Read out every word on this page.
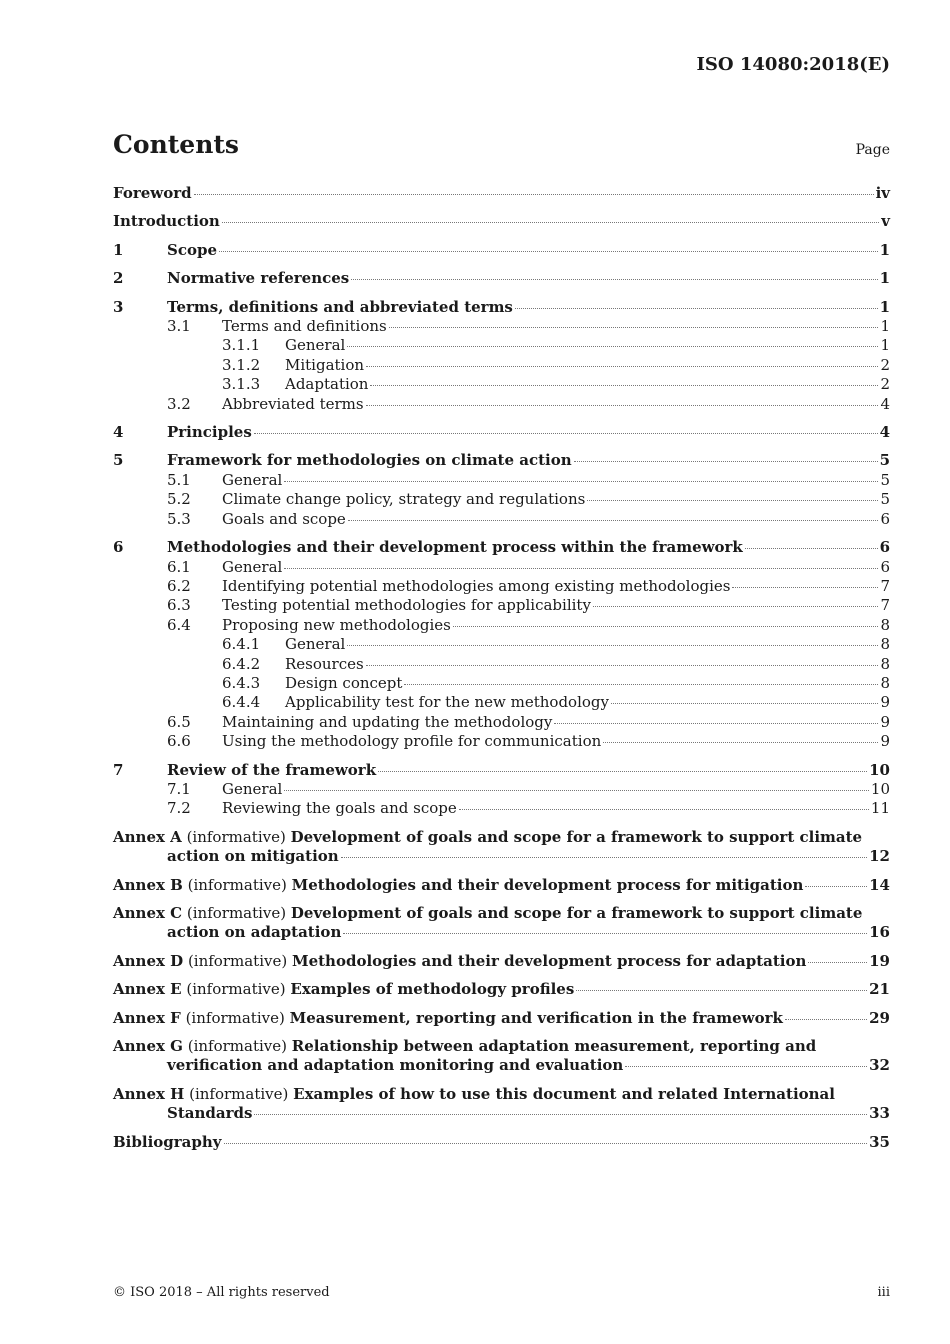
ISO 14080:2018(E)
Contents	Page
Foreword	iv
Introduction	v
1	Scope	1
2	Normative references	1
3	Terms, definitions and abbreviated terms	1
3.1 Terms and definitions	1
3.1.1 General	1
3.1.2 Mitigation	2
3.1.3 Adaptation	2
3.2 Abbreviated terms	4
4	Principles	4
5	Framework for methodologies on climate action	5
5.1 General	5
5.2 Climate change policy, strategy and regulations	5
5.3 Goals and scope	6
6	Methodologies and their development process within the framework	6
6.1 General	6
6.2 Identifying potential methodologies among existing methodologies	7
6.3 Testing potential methodologies for applicability	7
6.4 Proposing new methodologies	8
6.4.1 General	8
6.4.2 Resources	8
6.4.3 Design concept	8
6.4.4 Applicability test for the new methodology	9
6.5 Maintaining and updating the methodology	9
6.6 Using the methodology profile for communication	9
7	Review of the framework	10
7.1 General	10
7.2 Reviewing the goals and scope	11
Annex A (informative) Development of goals and scope for a framework to support climate
action on mitigation	12
Annex B (informative) Methodologies and their development process for mitigation	14
Annex C (informative) Development of goals and scope for a framework to support climate
action on adaptation	16
Annex D (informative) Methodologies and their development process for adaptation	19
Annex E (informative) Examples of methodology profiles	21
Annex F (informative) Measurement, reporting and verification in the framework	29
Annex G (informative) Relationship between adaptation measurement, reporting and
verification and adaptation monitoring and evaluation	32
Annex H (informative) Examples of how to use this document and related International
Standards	33
Bibliography	35
© ISO 2018 – All rights reserved	iii
